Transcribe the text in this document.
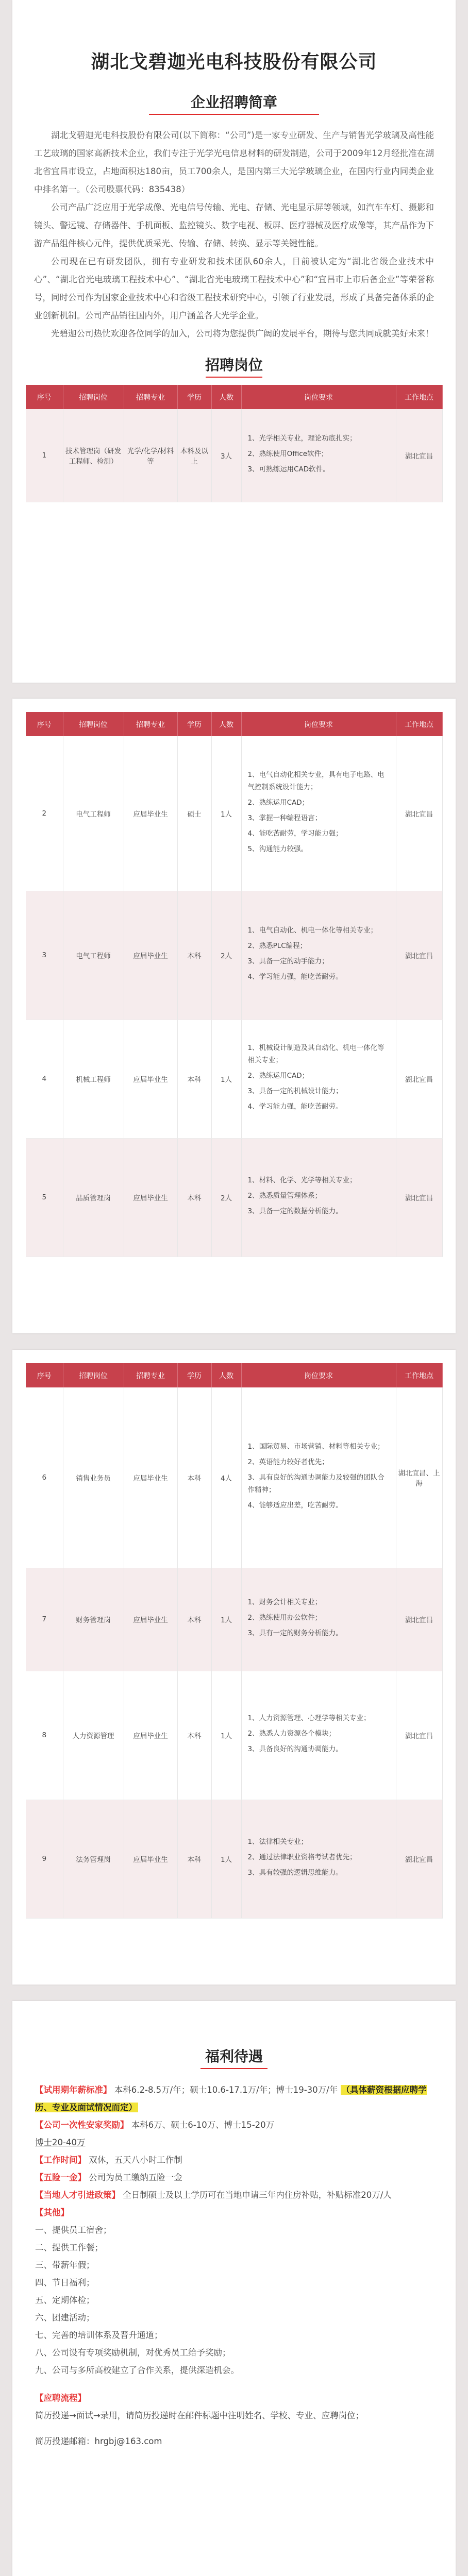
湖北戈碧迦光电科技股份有限公司
企业招聘简章

湖北戈碧迦光电科技股份有限公司(以下简称：“公司”)是一家专业研发、生产与销售光学玻璃及高性能工艺玻璃的国家高新技术企业，我们专注于光学光电信息材料的研发制造，公司于2009年12月经批准在湖北省宜昌市设立，占地面积达180亩，员工700余人，是国内第三大光学玻璃企业，在国内行业内同类企业中排名第一。（公司股票代码：835438）

公司产品广泛应用于光学成像、光电信号传输、光电、存储、光电显示屏等领域，如汽车车灯、摄影和镜头、警远镜、存储器件、手机面板、监控镜头、数字电视、板屏、医疗器械及医疗成像等，其产品作为下游产品组件核心元件，提供优质采光、传输、存储、转换、显示等关键性能。

公司现在已有研发团队，拥有专业研发和技术团队60余人，目前被认定为“湖北省级企业技术中心”、“湖北省光电玻璃工程技术中心”、“湖北省光电玻璃工程技术中心”和“宜昌市上市后备企业”等荣誉称号，同时公司作为国家企业技术中心和省级工程技术研究中心，引领了行业发展，形成了具备完备体系的企业创新机制。公司产品销往国内外，用户涵盖各大光学企业。

光碧迦公司热忱欢迎各位同学的加入，公司将为您提供广阔的发展平台，期待与您共同成就美好未来！

招聘岗位
序号	招聘岗位	招聘专业	学历	人数	岗位要求	工作地点
1	技术管理岗（研发工程师、检测）	光学/化学/材料等	本科及以上	3人	1、光学相关专业，理论功底扎实；
2、熟练使用Office软件；
3、可熟练运用CAD软件。	湖北宜昌
序号	招聘岗位	招聘专业	学历	人数	岗位要求	工作地点
2	电气工程师	应届毕业生	硕士	1人	1、电气自动化相关专业，具有电子电路、电气控制系统设计能力；
2、熟练运用CAD；
3、掌握一种编程语言；
4、能吃苦耐劳，学习能力强；
5、沟通能力较强。	湖北宜昌
3	电气工程师	应届毕业生	本科	2人	1、电气自动化、机电一体化等相关专业；
2、熟悉PLC编程；
3、具备一定的动手能力；
4、学习能力强，能吃苦耐劳。	湖北宜昌
4	机械工程师	应届毕业生	本科	1人	1、机械设计制造及其自动化、机电一体化等相关专业；
2、熟练运用CAD；
3、具备一定的机械设计能力；
4、学习能力强，能吃苦耐劳。	湖北宜昌
5	品质管理岗	应届毕业生	本科	2人	1、材料、化学、光学等相关专业；
2、熟悉质量管理体系；
3、具备一定的数据分析能力。	湖北宜昌
序号	招聘岗位	招聘专业	学历	人数	岗位要求	工作地点
6	销售业务员	应届毕业生	本科	4人	1、国际贸易、市场营销、材料等相关专业；
2、英语能力较好者优先；
3、具有良好的沟通协调能力及较强的团队合作精神；
4、能够适应出差，吃苦耐劳。	湖北宜昌、上海
7	财务管理岗	应届毕业生	本科	1人	1、财务会计相关专业；
2、熟练使用办公软件；
3、具有一定的财务分析能力。	湖北宜昌
8	人力资源管理	应届毕业生	本科	1人	1、人力资源管理、心理学等相关专业；
2、熟悉人力资源各个模块；
3、具备良好的沟通协调能力。	湖北宜昌
9	法务管理岗	应届毕业生	本科	1人	1、法律相关专业；
2、通过法律职业资格考试者优先；
3、具有较强的逻辑思维能力。	湖北宜昌
福利待遇

【试用期年薪标准】 本科6.2-8.5万/年；硕士10.6-17.1万/年；博士19-30万/年 （具体薪资根据应聘学历、专业及面试情况而定）

【公司一次性安家奖励】 本科6万、硕士6-10万、博士15-20万

博士20-40万

【工作时间】 双休，五天八小时工作制

【五险一金】 公司为员工缴纳五险一金

【当地人才引进政策】 全日制硕士及以上学历可在当地申请三年内住房补贴，补贴标准20万/人

【其他】

一、提供员工宿舍；

二、提供工作餐；

三、带薪年假；

四、节日福利；

五、定期体检；

六、团建活动；

七、完善的培训体系及晋升通道；

八、公司设有专项奖励机制，对优秀员工给予奖励；

九、公司与多所高校建立了合作关系，提供深造机会。

【应聘流程】

简历投递→面试→录用，请简历投递时在邮件标题中注明姓名、学校、专业、应聘岗位；

简历投递邮箱：hrgbj@163.com
